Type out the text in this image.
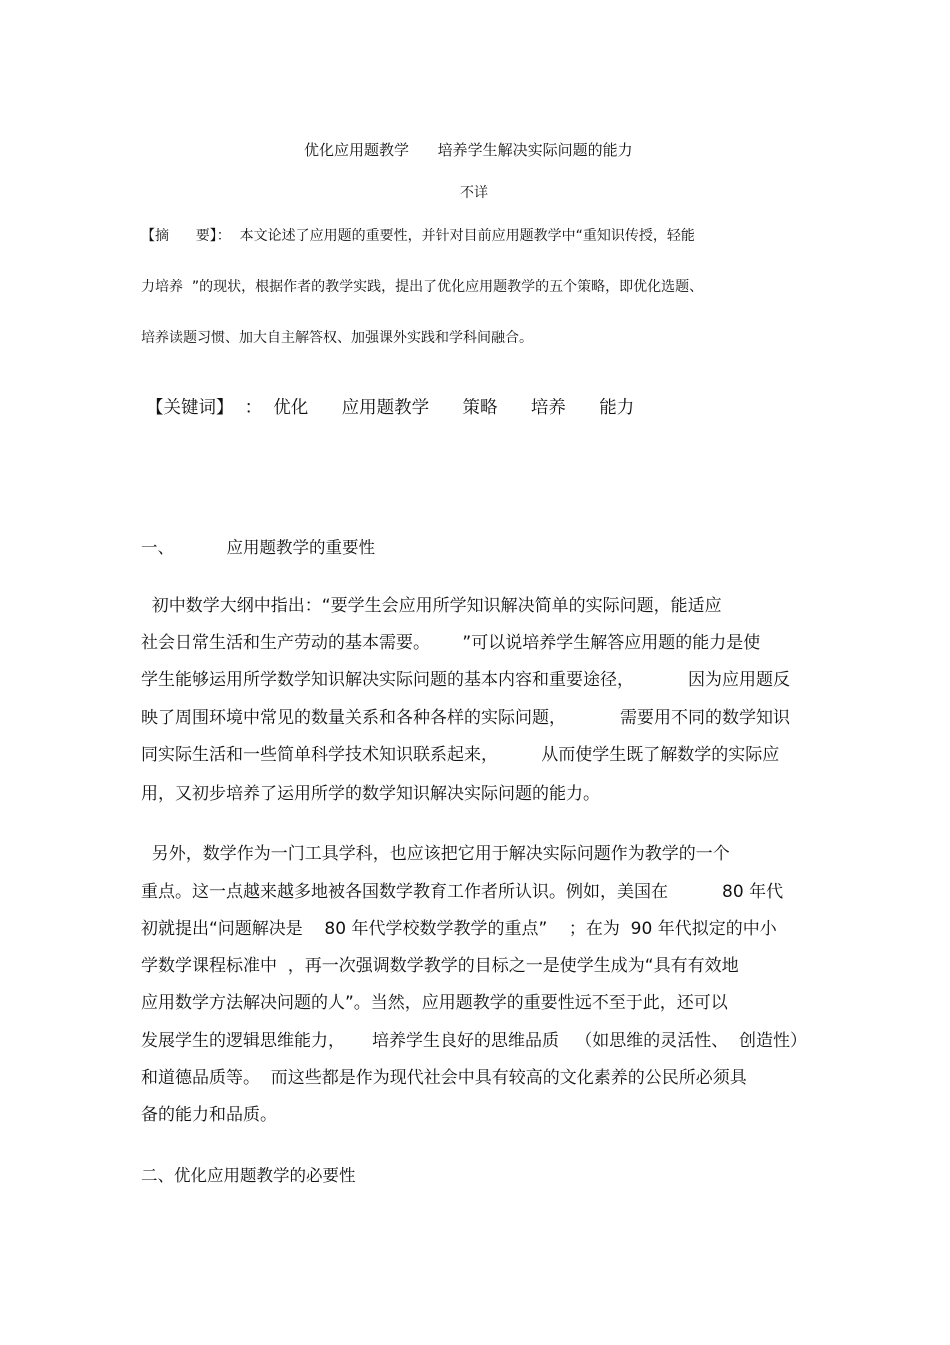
优化应用题教学      培养学生解决实际问题的能力
不详
【摘      要】：  本文论述了应用题的重要性，并针对目前应用题教学中“重知识传授，轻能
力培养  ”的现状，根据作者的教学实践，提出了优化应用题教学的五个策略，即优化选题、
培养读题习惯、加大自主解答权、加强课外实践和学科间融合。
【关键词】  ：  优化      应用题教学      策略      培养      能力
一、          应用题教学的重要性
初中数学大纲中指出：“要学生会应用所学知识解决简单的实际问题，能适应
社会日常生活和生产劳动的基本需要。      ”可以说培养学生解答应用题的能力是使
学生能够运用所学数学知识解决实际问题的基本内容和重要途径，          因为应用题反
映了周围环境中常见的数量关系和各种各样的实际问题，          需要用不同的数学知识
同实际生活和一些简单科学技术知识联系起来，        从而使学生既了解数学的实际应
用，又初步培养了运用所学的数学知识解决实际问题的能力。
另外，数学作为一门工具学科，也应该把它用于解决实际问题作为教学的一个
重点。这一点越来越多地被各国数学教育工作者所认识。例如，美国在          80 年代
初就提出“问题解决是    80 年代学校数学教学的重点”    ；在为  90 年代拟定的中小
学数学课程标准中  ，再一次强调数学教学的目标之一是使学生成为“具有有效地
应用数学方法解决问题的人”。当然，应用题教学的重要性远不至于此，还可以
发展学生的逻辑思维能力，     培养学生良好的思维品质   （如思维的灵活性、  创造性）
和道德品质等。  而这些都是作为现代社会中具有较高的文化素养的公民所必须具
备的能力和品质。
二、优化应用题教学的必要性
